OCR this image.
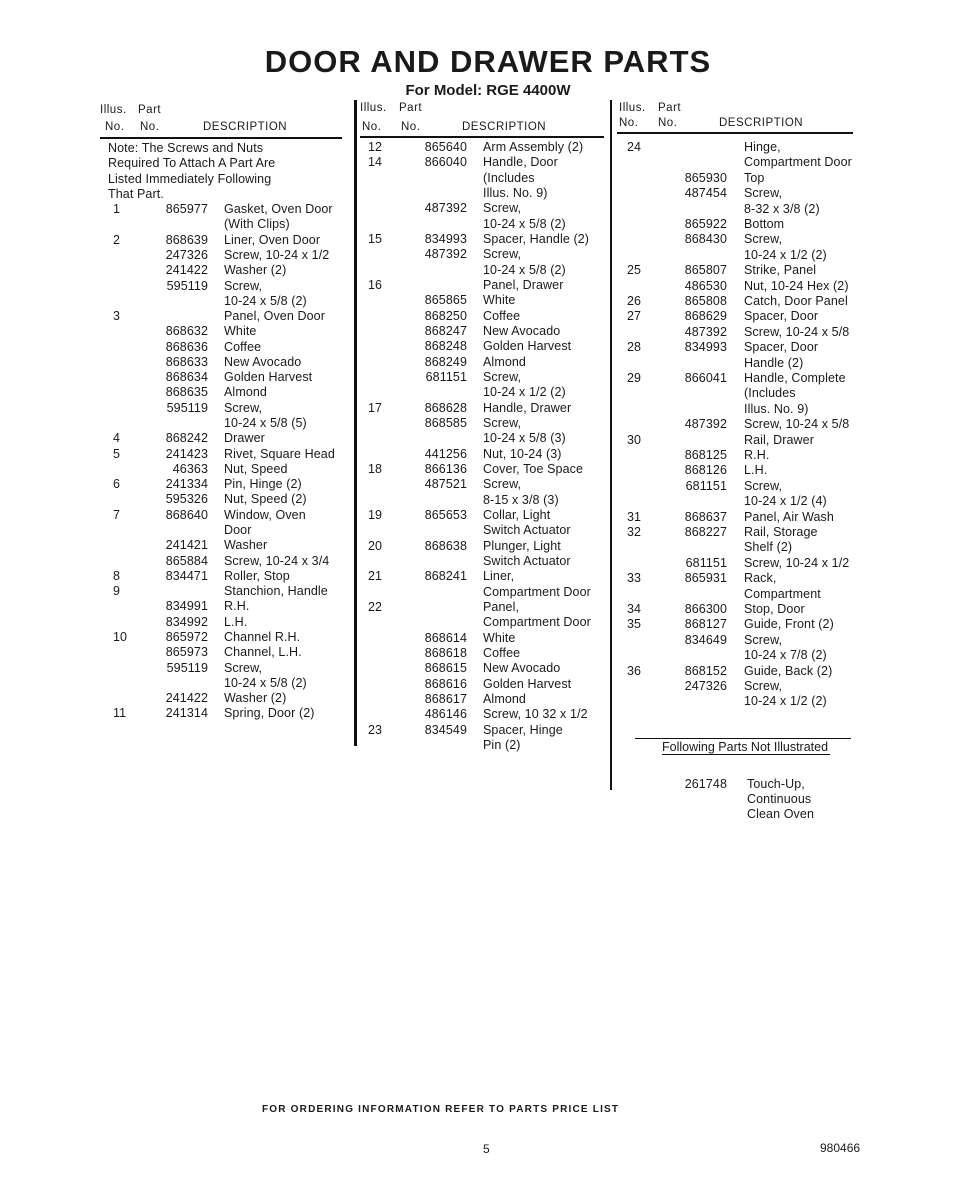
DOOR AND DRAWER PARTS
For Model: RGE 4400W
Illus. Part
No. No.	DESCRIPTION
Illus. Part
No. No.	DESCRIPTION
Illus. Part
No. No.	DESCRIPTION
Note: The Screws and Nuts
Required To Attach A Part Are
Listed Immediately Following
That Part.
1	865977 Gasket, Oven Door
(With Clips)
2	868639 Liner, Oven Door
247326 Screw, 10-24 x 1/2
241422 Washer (2)
595119 Screw,
10-24 x 5/8 (2)
3	Panel, Oven Door
868632 White
868636 Coffee
868633 New Avocado
868634 Golden Harvest
868635 Almond
595119 Screw,
10-24 x 5/8 (5)
4	868242 Drawer
5	241423 Rivet, Square Head
46363 Nut, Speed
6	241334 Pin, Hinge (2)
595326 Nut, Speed (2)
7	868640 Window, Oven
Door
241421 Washer
865884 Screw, 10-24 x 3/4
8	834471 Roller, Stop
9	Stanchion, Handle
834991 R.H.
834992 L.H.
10	865972 Channel R.H.
865973 Channel, L.H.
595119 Screw,
10-24 x 5/8 (2)
241422 Washer (2)
11	241314 Spring, Door (2)
12	865640 Arm Assembly (2)
14	866040 Handle, Door
(Includes
Illus. No. 9)
487392 Screw,
10-24 x 5/8 (2)
15	834993 Spacer, Handle (2)
487392 Screw,
10-24 x 5/8 (2)
16	Panel, Drawer
865865 White
868250 Coffee
868247 New Avocado
868248 Golden Harvest
868249 Almond
681151 Screw,
10-24 x 1/2 (2)
17	868628 Handle, Drawer
868585 Screw,
10-24 x 5/8 (3)
441256 Nut, 10-24 (3)
18	866136 Cover, Toe Space
487521 Screw,
8-15 x 3/8 (3)
19	865653 Collar, Light
Switch Actuator
20	868638 Plunger, Light
Switch Actuator
21	868241 Liner,
Compartment Door
22	Panel,
Compartment Door
868614 White
868618 Coffee
868615 New Avocado
868616 Golden Harvest
868617 Almond
486146 Screw, 10 32 x 1/2
23	834549 Spacer, Hinge
Pin (2)
24	Hinge,
Compartment Door
865930 Top
487454 Screw,
8-32 x 3/8 (2)
865922 Bottom
868430 Screw,
10-24 x 1/2 (2)
25	865807 Strike, Panel
486530 Nut, 10-24 Hex (2)
26	865808 Catch, Door Panel
27	868629 Spacer, Door
487392 Screw, 10-24 x 5/8
28	834993 Spacer, Door
Handle (2)
29	866041 Handle, Complete
(Includes
Illus. No. 9)
487392 Screw, 10-24 x 5/8
30	Rail, Drawer
868125 R.H.
868126 L.H.
681151 Screw,
10-24 x 1/2 (4)
31	868637 Panel, Air Wash
32	868227 Rail, Storage
Shelf (2)
681151 Screw, 10-24 x 1/2
33	865931 Rack,
Compartment
34	866300 Stop, Door
35	868127 Guide, Front (2)
834649 Screw,
10-24 x 7/8 (2)
36	868152 Guide, Back (2)
247326 Screw,
10-24 x 1/2 (2)
Following Parts Not Illustrated
261748 Touch-Up,
Continuous
Clean Oven
FOR ORDERING INFORMATION REFER TO PARTS PRICE LIST
5	980466
